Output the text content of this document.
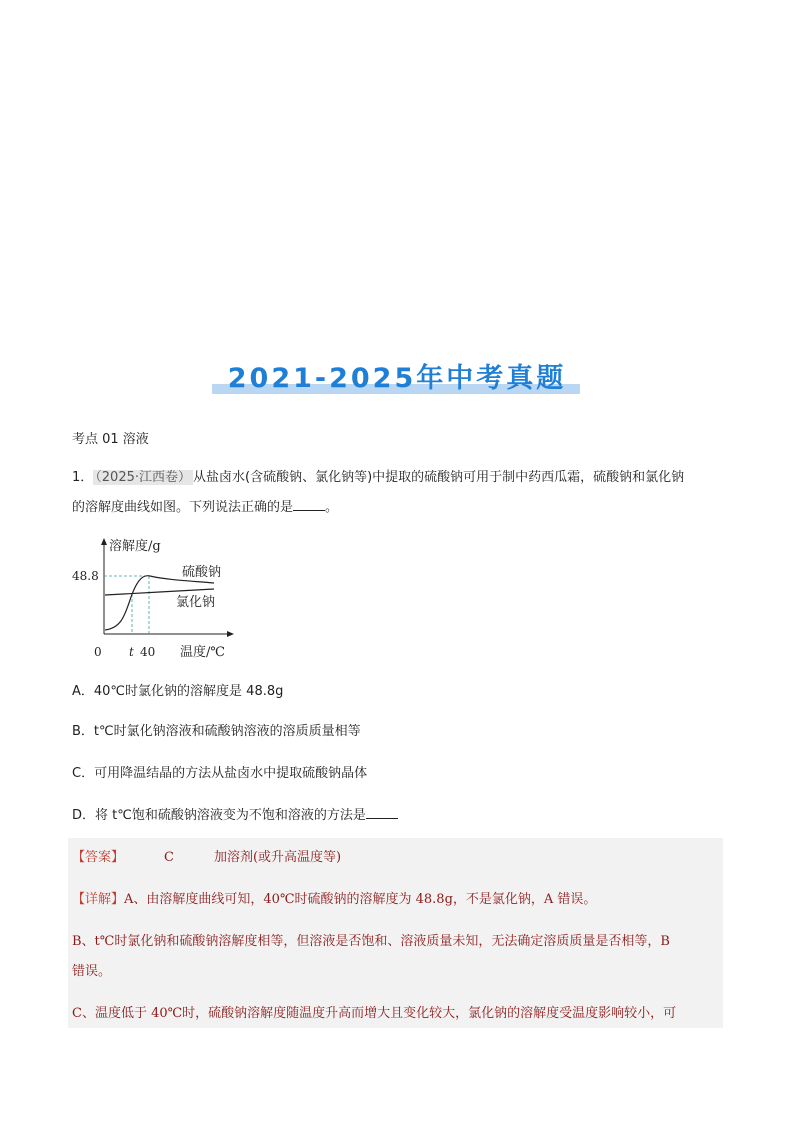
2021-2025年中考真题
考点 01 溶液
1． （2025·江西卷） 从盐卤水(含硫酸钠、氯化钠等)中提取的硫酸钠可用于制中药西瓜霜，硫酸钠和氯化钠
的溶解度曲线如图。下列说法正确的是 。
溶解度/g
48.8	硫酸钠
氯化钠
0 t 40 温度/℃
A．40℃时氯化钠的溶解度是 48.8g
B．t℃时氯化钠溶液和硫酸钠溶液的溶质质量相等
C．可用降温结晶的方法从盐卤水中提取硫酸钠晶体
D．将 t℃饱和硫酸钠溶液变为不饱和溶液的方法是
【答案】	C	加溶剂(或升高温度等)
【详解】A、由溶解度曲线可知，40℃时硫酸钠的溶解度为 48.8g，不是氯化钠，A 错误。
B、t℃时氯化钠和硫酸钠溶解度相等，但溶液是否饱和、溶液质量未知，无法确定溶质质量是否相等，B
错误。
C、温度低于 40℃时，硫酸钠溶解度随温度升高而增大且变化较大，氯化钠的溶解度受温度影响较小，可
